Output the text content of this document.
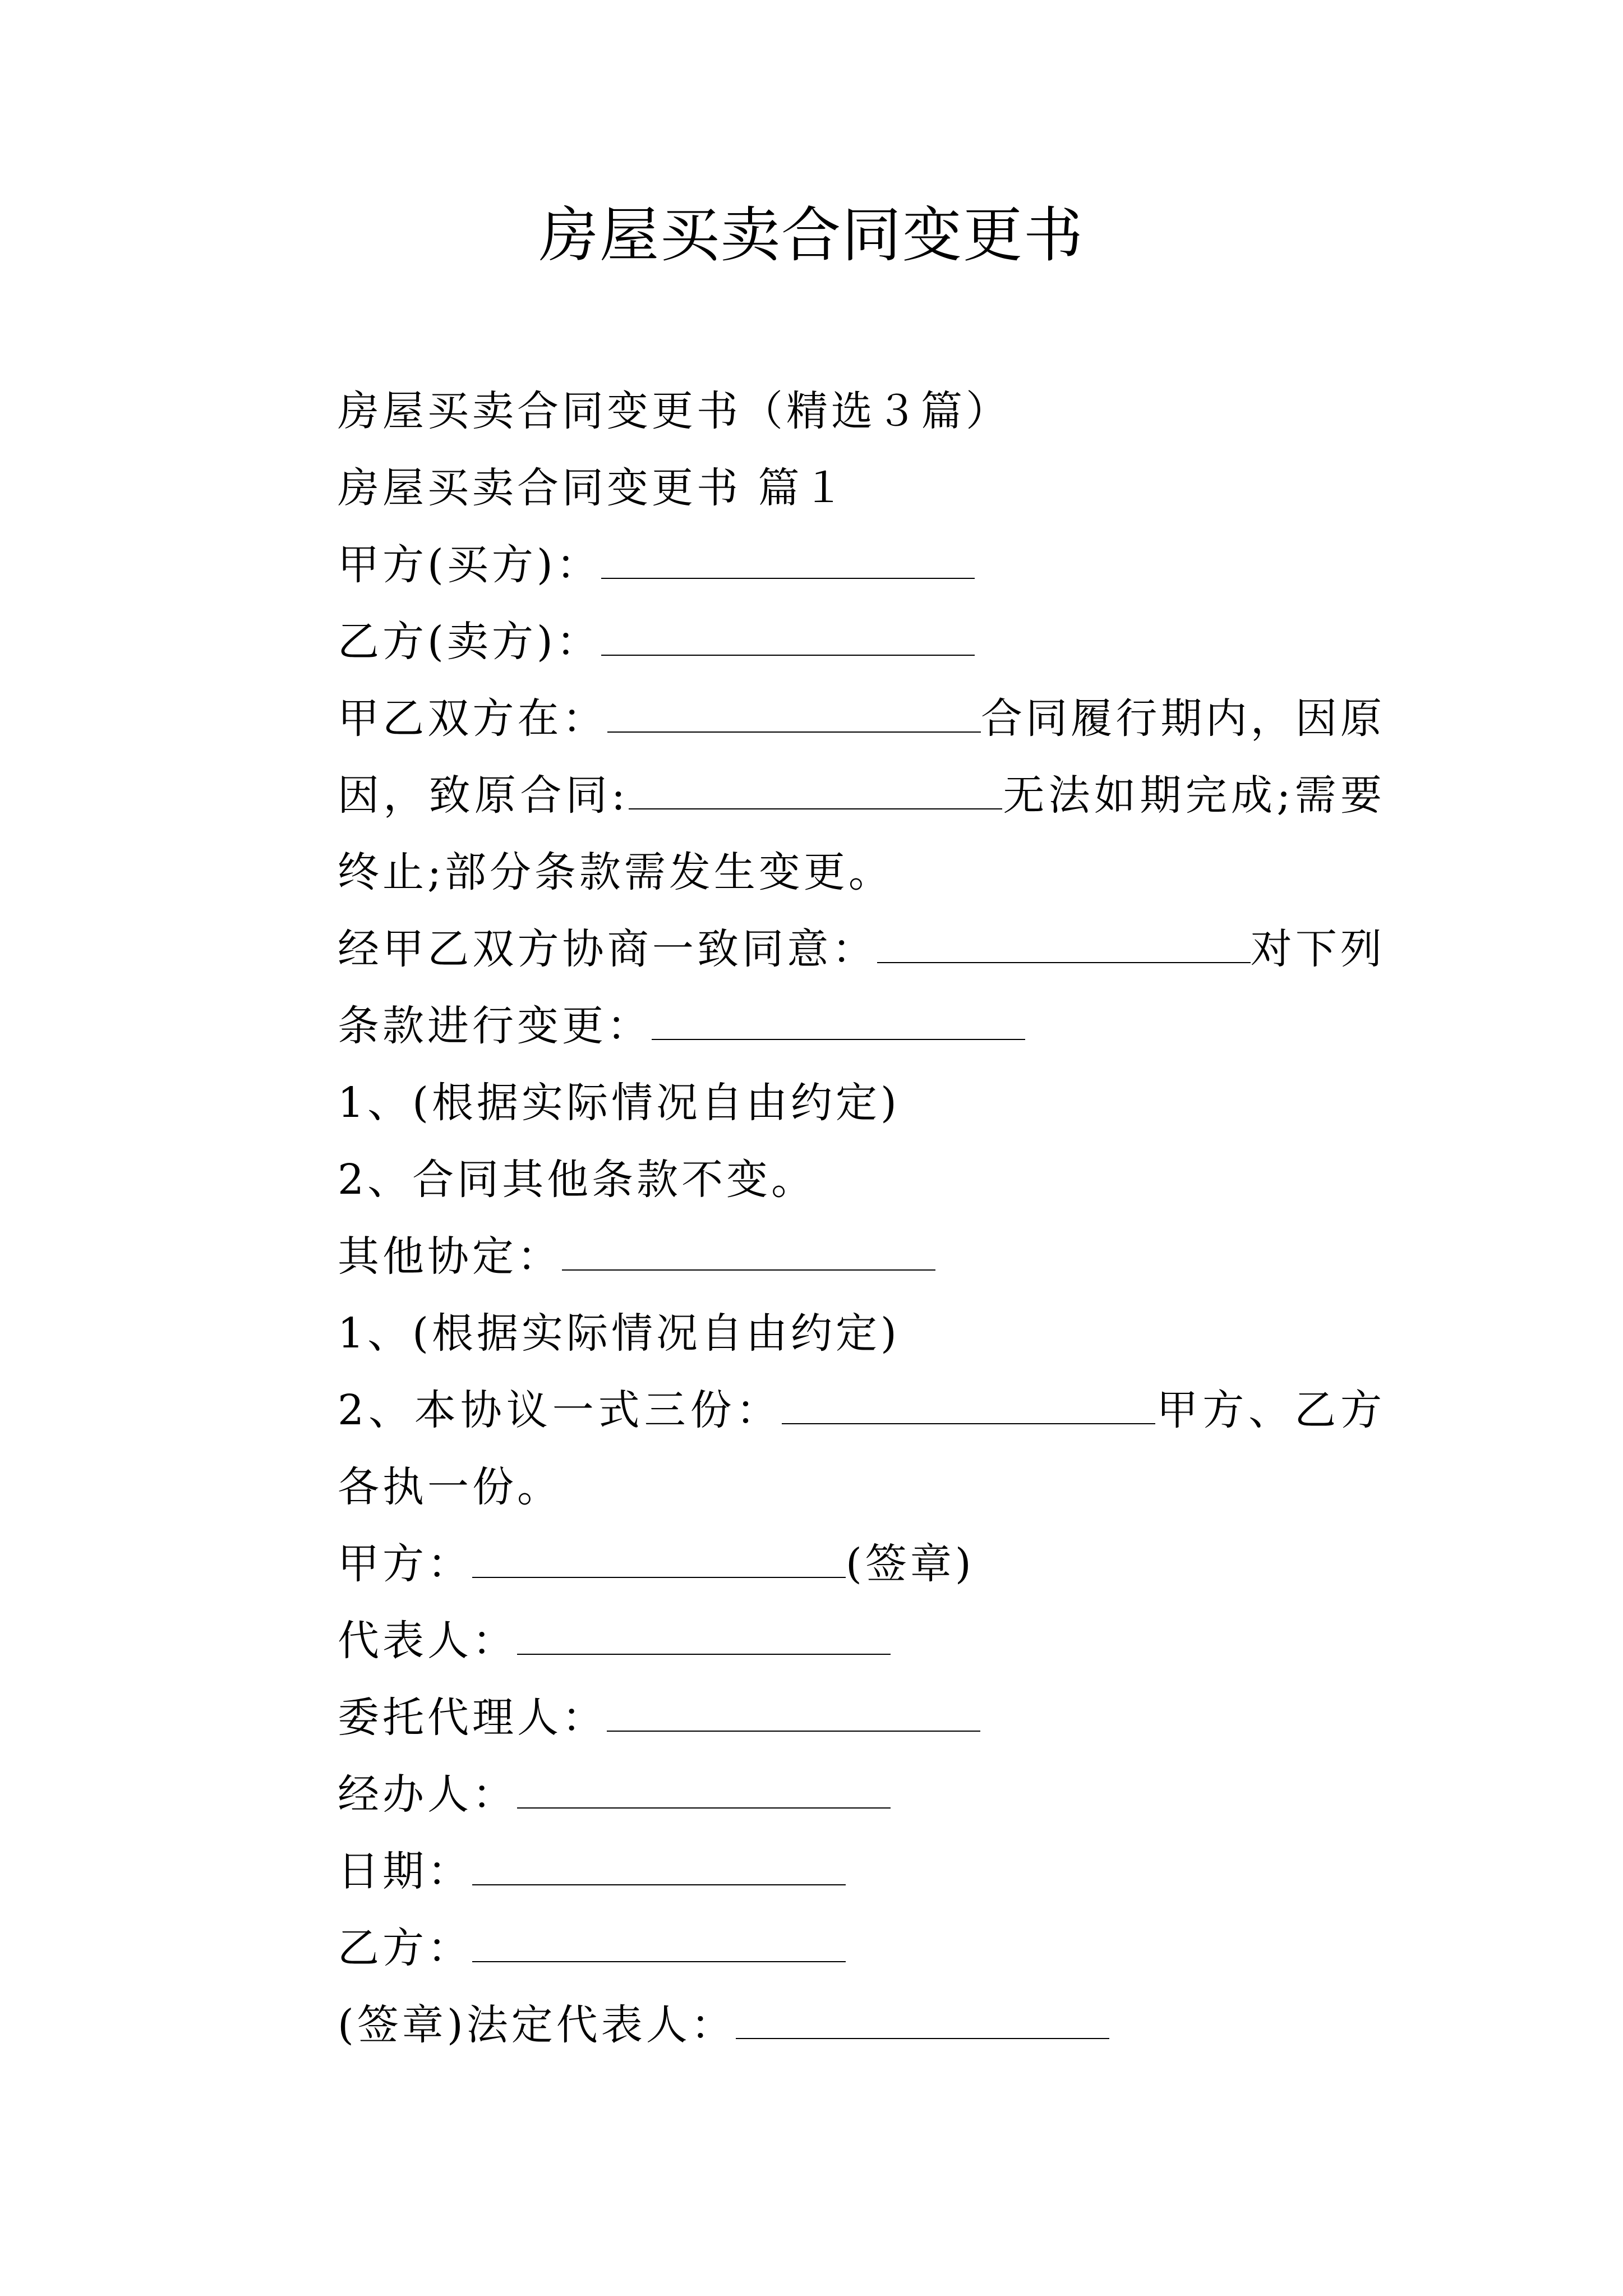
房屋买卖合同变更书

房屋买卖合同变更书（精选３篇）

房屋买卖合同变更书 篇１

甲方(买方)：

乙方(卖方)：

甲乙双方在：	合同履行期内，因原因，致原合同:	无法如期完成;需要终止;部分条款需发生变更。

经甲乙双方协商一致同意：	对下列条款进行变更：

1、(根据实际情况自由约定)

2、合同其他条款不变。

其他协定：

1、(根据实际情况自由约定)

2、本协议一式三份：	甲方、乙方各执一份。

甲方：	(签章)

代表人：

委托代理人：

经办人：

日期：

乙方：

(签章)法定代表人：
